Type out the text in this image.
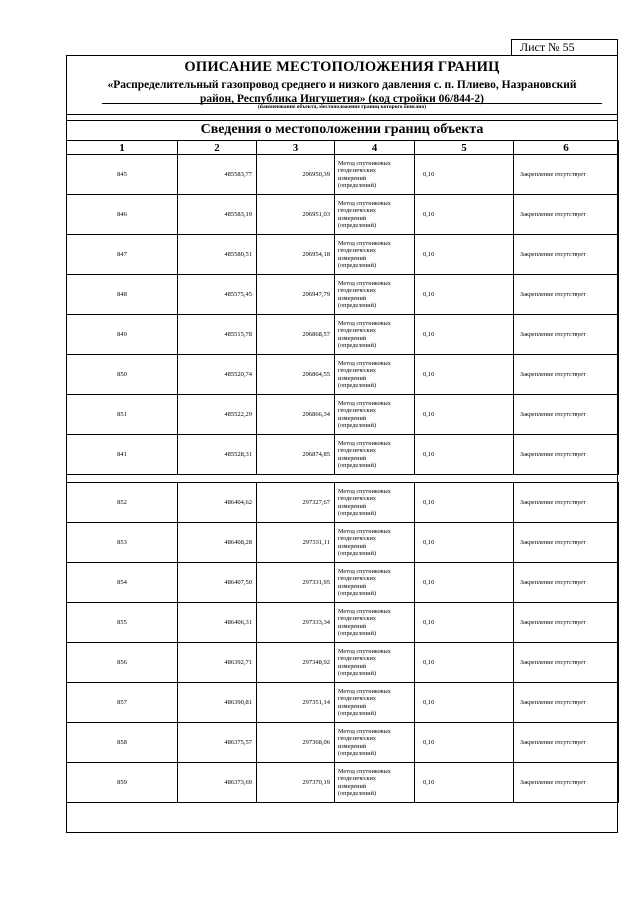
Лист № 55
ОПИСАНИЕ МЕСТОПОЛОЖЕНИЯ ГРАНИЦ
«Распределительный газопровод среднего и низкого давления с. п. Плиево, Назрановский
район, Республика Ингушетия» (код стройки 06/844-2)
(наименование объекта, местоположение границ которого описано)
Сведения о местоположении границ объекта
1	2	3	4	5	6
845	485583,77	296950,39	Метод спутниковых
геодезических
измерений
(определений)	0,10	Закрепление отсутствует
846	485583,19	296951,03	Метод спутниковых
геодезических
измерений
(определений)	0,10	Закрепление отсутствует
847	485580,51	296954,18	Метод спутниковых
геодезических
измерений
(определений)	0,10	Закрепление отсутствует
848	485575,45	296947,79	Метод спутниковых
геодезических
измерений
(определений)	0,10	Закрепление отсутствует
849	485515,78	296868,57	Метод спутниковых
геодезических
измерений
(определений)	0,10	Закрепление отсутствует
850	485520,74	296864,55	Метод спутниковых
геодезических
измерений
(определений)	0,10	Закрепление отсутствует
851	485522,29	296866,34	Метод спутниковых
геодезических
измерений
(определений)	0,10	Закрепление отсутствует
841	485528,31	296874,85	Метод спутниковых
геодезических
измерений
(определений)	0,10	Закрепление отсутствует

852	486404,62	297327,67	Метод спутниковых
геодезических
измерений
(определений)	0,10	Закрепление отсутствует
853	486408,28	297331,11	Метод спутниковых
геодезических
измерений
(определений)	0,10	Закрепление отсутствует
854	486407,50	297331,95	Метод спутниковых
геодезических
измерений
(определений)	0,10	Закрепление отсутствует
855	486406,31	297333,34	Метод спутниковых
геодезических
измерений
(определений)	0,10	Закрепление отсутствует
856	486392,71	297348,92	Метод спутниковых
геодезических
измерений
(определений)	0,10	Закрепление отсутствует
857	486390,81	297351,14	Метод спутниковых
геодезических
измерений
(определений)	0,10	Закрепление отсутствует
858	486375,57	297368,06	Метод спутниковых
геодезических
измерений
(определений)	0,10	Закрепление отсутствует
859	486373,69	297370,19	Метод спутниковых
геодезических
измерений
(определений)	0,10	Закрепление отсутствует
